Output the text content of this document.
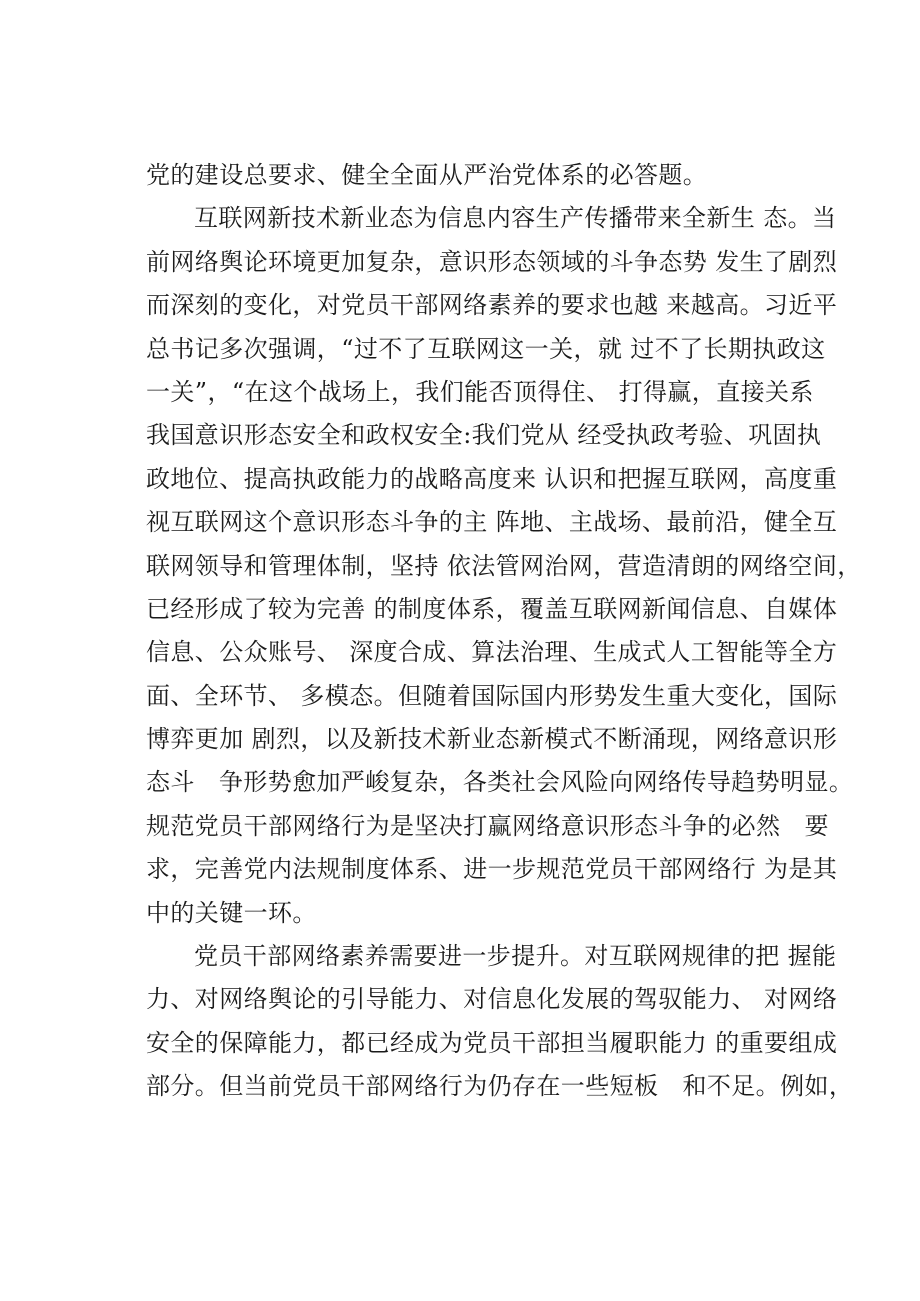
党的建设总要求、健全全面从严治党体系的必答题。
互联网新技术新业态为信息内容生产传播带来全新生 态。当
前网络舆论环境更加复杂，意识形态领域的斗争态势 发生了剧烈
而深刻的变化，对党员干部网络素养的要求也越 来越高。习近平
总书记多次强调，“过不了互联网这一关，就 过不了长期执政这
一关”，“在这个战场上，我们能否顶得住、 打得赢，直接关系
我国意识形态安全和政权安全:我们党从 经受执政考验、巩固执
政地位、提高执政能力的战略高度来 认识和把握互联网，高度重
视互联网这个意识形态斗争的主 阵地、主战场、最前沿，健全互
联网领导和管理体制，坚持 依法管网治网，营造清朗的网络空间，
已经形成了较为完善 的制度体系，覆盖互联网新闻信息、自媒体
信息、公众账号、 深度合成、算法治理、生成式人工智能等全方
面、全环节、 多模态。但随着国际国内形势发生重大变化，国际
博弈更加 剧烈，以及新技术新业态新模式不断涌现，网络意识形
态斗   争形势愈加严峻复杂，各类社会风险向网络传导趋势明显。
规范党员干部网络行为是坚决打赢网络意识形态斗争的必然   要
求，完善党内法规制度体系、进一步规范党员干部网络行 为是其
中的关键一环。
党员干部网络素养需要进一步提升。对互联网规律的把 握能
力、对网络舆论的引导能力、对信息化发展的驾驭能力、 对网络
安全的保障能力，都已经成为党员干部担当履职能力 的重要组成
部分。但当前党员干部网络行为仍存在一些短板   和不足。例如，
